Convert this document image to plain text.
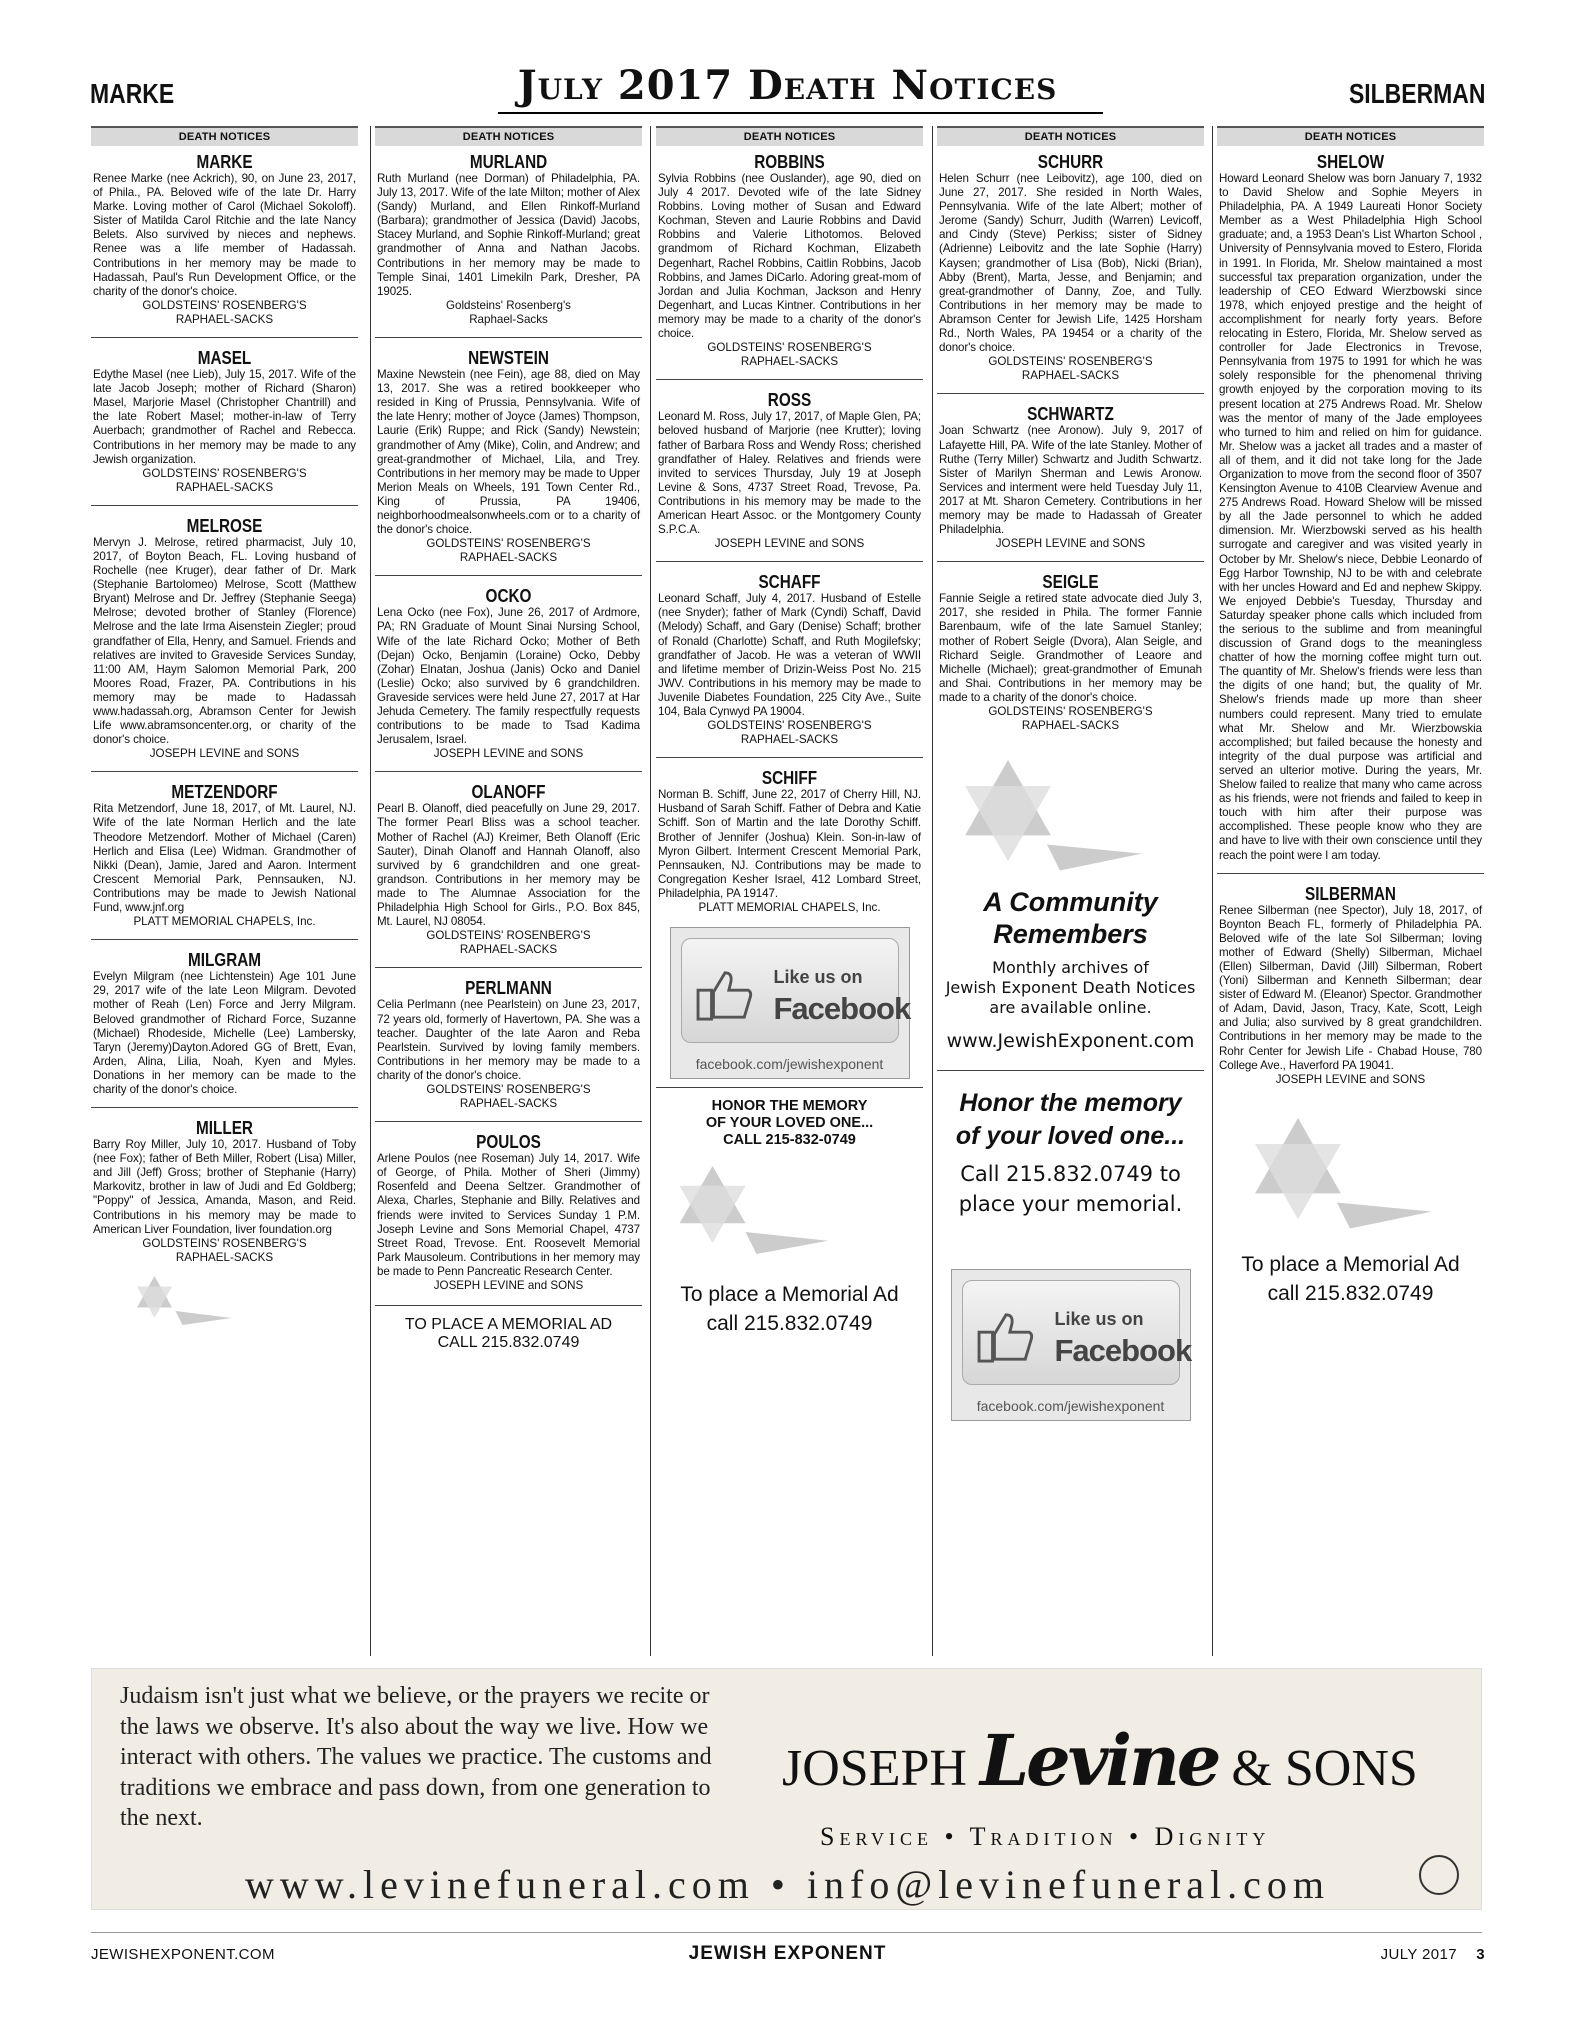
MARKE	July 2017 Death Notices	SILBERMAN
DEATH NOTICES
MARKE
Renee Marke (nee Ackrich), 90, on June 23, 2017, of Phila., PA. Beloved wife of the late Dr. Harry Marke. Loving mother of Carol (Michael Sokoloff). Sister of Matilda Carol Ritchie and the late Nancy Belets. Also survived by nieces and nephews. Renee was a life member of Hadassah. Contributions in her memory may be made to Hadassah, Paul's Run Development Office, or the charity of the donor's choice.
GOLDSTEINS' ROSENBERG'S
RAPHAEL-SACKS
MASEL
Edythe Masel (nee Lieb), July 15, 2017. Wife of the late Jacob Joseph; mother of Richard (Sharon) Masel, Marjorie Masel (Christopher Chantrill) and the late Robert Masel; mother-in-law of Terry Auerbach; grandmother of Rachel and Rebecca. Contributions in her memory may be made to any Jewish organization.
GOLDSTEINS' ROSENBERG'S
RAPHAEL-SACKS
MELROSE
Mervyn J. Melrose, retired pharmacist, July 10, 2017, of Boyton Beach, FL. Loving husband of Rochelle (nee Kruger), dear father of Dr. Mark (Stephanie Bartolomeo) Melrose, Scott (Matthew Bryant) Melrose and Dr. Jeffrey (Stephanie Seega) Melrose; devoted brother of Stanley (Florence) Melrose and the late Irma Aisenstein Ziegler; proud grandfather of Ella, Henry, and Samuel. Friends and relatives are invited to Graveside Services Sunday, 11:00 AM, Haym Salomon Memorial Park, 200 Moores Road, Frazer, PA. Contributions in his memory may be made to Hadassah www.hadassah.org, Abramson Center for Jewish Life www.abramsoncenter.org, or charity of the donor's choice.
JOSEPH LEVINE and SONS
METZENDORF
Rita Metzendorf, June 18, 2017, of Mt. Laurel, NJ. Wife of the late Norman Herlich and the late Theodore Metzendorf. Mother of Michael (Caren) Herlich and Elisa (Lee) Widman. Grandmother of Nikki (Dean), Jamie, Jared and Aaron. Interment Crescent Memorial Park, Pennsauken, NJ. Contributions may be made to Jewish National Fund, www.jnf.org
PLATT MEMORIAL CHAPELS, Inc.
MILGRAM
Evelyn Milgram (nee Lichtenstein) Age 101 June 29, 2017 wife of the late Leon Milgram. Devoted mother of Reah (Len) Force and Jerry Milgram. Beloved grandmother of Richard Force, Suzanne (Michael) Rhodeside, Michelle (Lee) Lambersky, Taryn (Jeremy)Dayton.Adored GG of Brett, Evan, Arden, Alina, Lilia, Noah, Kyen and Myles. Donations in her memory can be made to the charity of the donor's choice.
MILLER
Barry Roy Miller, July 10, 2017. Husband of Toby (nee Fox); father of Beth Miller, Robert (Lisa) Miller, and Jill (Jeff) Gross; brother of Stephanie (Harry) Markovitz, brother in law of Judi and Ed Goldberg; "Poppy" of Jessica, Amanda, Mason, and Reid. Contributions in his memory may be made to American Liver Foundation, liver foundation.org
GOLDSTEINS' ROSENBERG'S
RAPHAEL-SACKS
DEATH NOTICES
MURLAND
Ruth Murland (nee Dorman) of Philadelphia, PA. July 13, 2017. Wife of the late Milton; mother of Alex (Sandy) Murland, and Ellen Rinkoff-Murland (Barbara); grandmother of Jessica (David) Jacobs, Stacey Murland, and Sophie Rinkoff-Murland; great grandmother of Anna and Nathan Jacobs. Contributions in her memory may be made to Temple Sinai, 1401 Limekiln Park, Dresher, PA 19025.
Goldsteins' Rosenberg's
Raphael-Sacks
NEWSTEIN
Maxine Newstein (nee Fein), age 88, died on May 13, 2017. She was a retired bookkeeper who resided in King of Prussia, Pennsylvania. Wife of the late Henry; mother of Joyce (James) Thompson, Laurie (Erik) Ruppe; and Rick (Sandy) Newstein; grandmother of Amy (Mike), Colin, and Andrew; and great-grandmother of Michael, Lila, and Trey. Contributions in her memory may be made to Upper Merion Meals on Wheels, 191 Town Center Rd., King of Prussia, PA 19406, neighborhoodmealsonwheels.com or to a charity of the donor's choice.
GOLDSTEINS' ROSENBERG'S
RAPHAEL-SACKS
OCKO
Lena Ocko (nee Fox), June 26, 2017 of Ardmore, PA; RN Graduate of Mount Sinai Nursing School, Wife of the late Richard Ocko; Mother of Beth (Dejan) Ocko, Benjamin (Loraine) Ocko, Debby (Zohar) Elnatan, Joshua (Janis) Ocko and Daniel (Leslie) Ocko; also survived by 6 grandchildren. Graveside services were held June 27, 2017 at Har Jehuda Cemetery. The family respectfully requests contributions to be made to Tsad Kadima Jerusalem, Israel.
JOSEPH LEVINE and SONS
OLANOFF
Pearl B. Olanoff, died peacefully on June 29, 2017. The former Pearl Bliss was a school teacher. Mother of Rachel (AJ) Kreimer, Beth Olanoff (Eric Sauter), Dinah Olanoff and Hannah Olanoff, also survived by 6 grandchildren and one great-grandson. Contributions in her memory may be made to The Alumnae Association for the Philadelphia High School for Girls., P.O. Box 845, Mt. Laurel, NJ 08054.
GOLDSTEINS' ROSENBERG'S
RAPHAEL-SACKS
PERLMANN
Celia Perlmann (nee Pearlstein) on June 23, 2017, 72 years old, formerly of Havertown, PA. She was a teacher. Daughter of the late Aaron and Reba Pearlstein. Survived by loving family members. Contributions in her memory may be made to a charity of the donor's choice.
GOLDSTEINS' ROSENBERG'S
RAPHAEL-SACKS
POULOS
Arlene Poulos (nee Roseman) July 14, 2017. Wife of George, of Phila. Mother of Sheri (Jimmy) Rosenfeld and Deena Seltzer. Grandmother of Alexa, Charles, Stephanie and Billy. Relatives and friends were invited to Services Sunday 1 P.M. Joseph Levine and Sons Memorial Chapel, 4737 Street Road, Trevose. Ent. Roosevelt Memorial Park Mausoleum. Contributions in her memory may be made to Penn Pancreatic Research Center.
JOSEPH LEVINE and SONS
TO PLACE A MEMORIAL AD
CALL 215.832.0749
DEATH NOTICES
ROBBINS
Sylvia Robbins (nee Ouslander), age 90, died on July 4 2017. Devoted wife of the late Sidney Robbins. Loving mother of Susan and Edward Kochman, Steven and Laurie Robbins and David Robbins and Valerie Lithotomos. Beloved grandmom of Richard Kochman, Elizabeth Degenhart, Rachel Robbins, Caitlin Robbins, Jacob Robbins, and James DiCarlo. Adoring great-mom of Jordan and Julia Kochman, Jackson and Henry Degenhart, and Lucas Kintner. Contributions in her memory may be made to a charity of the donor's choice.
GOLDSTEINS' ROSENBERG'S
RAPHAEL-SACKS
ROSS
Leonard M. Ross, July 17, 2017, of Maple Glen, PA; beloved husband of Marjorie (nee Krutter); loving father of Barbara Ross and Wendy Ross; cherished grandfather of Haley. Relatives and friends were invited to services Thursday, July 19 at Joseph Levine & Sons, 4737 Street Road, Trevose, Pa. Contributions in his memory may be made to the American Heart Assoc. or the Montgomery County S.P.C.A.
JOSEPH LEVINE and SONS
SCHAFF
Leonard Schaff, July 4, 2017. Husband of Estelle (nee Snyder); father of Mark (Cyndi) Schaff, David (Melody) Schaff, and Gary (Denise) Schaff; brother of Ronald (Charlotte) Schaff, and Ruth Mogilefsky; grandfather of Jacob. He was a veteran of WWII and lifetime member of Drizin-Weiss Post No. 215 JWV. Contributions in his memory may be made to Juvenile Diabetes Foundation, 225 City Ave., Suite 104, Bala Cynwyd PA 19004.
GOLDSTEINS' ROSENBERG'S
RAPHAEL-SACKS
SCHIFF
Norman B. Schiff, June 22, 2017 of Cherry Hill, NJ. Husband of Sarah Schiff. Father of Debra and Katie Schiff. Son of Martin and the late Dorothy Schiff. Brother of Jennifer (Joshua) Klein. Son-in-law of Myron Gilbert. Interment Crescent Memorial Park, Pennsauken, NJ. Contributions may be made to Congregation Kesher Israel, 412 Lombard Street, Philadelphia, PA 19147.
PLATT MEMORIAL CHAPELS, Inc.
Like us on
Facebook
facebook.com/jewishexponent
HONOR THE MEMORY
OF YOUR LOVED ONE...
CALL 215-832-0749
To place a Memorial Ad
call 215.832.0749
DEATH NOTICES
SCHURR
Helen Schurr (nee Leibovitz), age 100, died on June 27, 2017. She resided in North Wales, Pennsylvania. Wife of the late Albert; mother of Jerome (Sandy) Schurr, Judith (Warren) Levicoff, and Cindy (Steve) Perkiss; sister of Sidney (Adrienne) Leibovitz and the late Sophie (Harry) Kaysen; grandmother of Lisa (Bob), Nicki (Brian), Abby (Brent), Marta, Jesse, and Benjamin; and great-grandmother of Danny, Zoe, and Tully. Contributions in her memory may be made to Abramson Center for Jewish Life, 1425 Horsham Rd., North Wales, PA 19454 or a charity of the donor's choice.
GOLDSTEINS' ROSENBERG'S
RAPHAEL-SACKS
SCHWARTZ
Joan Schwartz (nee Aronow). July 9, 2017 of Lafayette Hill, PA. Wife of the late Stanley. Mother of Ruthe (Terry Miller) Schwartz and Judith Schwartz. Sister of Marilyn Sherman and Lewis Aronow. Services and interment were held Tuesday July 11, 2017 at Mt. Sharon Cemetery. Contributions in her memory may be made to Hadassah of Greater Philadelphia.
JOSEPH LEVINE and SONS
SEIGLE
Fannie Seigle a retired state advocate died July 3, 2017, she resided in Phila. The former Fannie Barenbaum, wife of the late Samuel Stanley; mother of Robert Seigle (Dvora), Alan Seigle, and Richard Seigle. Grandmother of Leaore and Michelle (Michael); great-grandmother of Emunah and Shai. Contributions in her memory may be made to a charity of the donor's choice.
GOLDSTEINS' ROSENBERG'S
RAPHAEL-SACKS
A Community
Remembers
Monthly archives of
Jewish Exponent Death Notices
are available online.
www.JewishExponent.com
Honor the memory
of your loved one...
Call 215.832.0749 to
place your memorial.
Like us on
Facebook
facebook.com/jewishexponent
DEATH NOTICES
SHELOW
Howard Leonard Shelow was born January 7, 1932 to David Shelow and Sophie Meyers in Philadelphia, PA. A 1949 Laureati Honor Society Member as a West Philadelphia High School graduate; and, a 1953 Dean's List Wharton School , University of Pennsylvania moved to Estero, Florida in 1991. In Florida, Mr. Shelow maintained a most successful tax preparation organization, under the leadership of CEO Edward Wierzbowski since 1978, which enjoyed prestige and the height of accomplishment for nearly forty years. Before relocating in Estero, Florida, Mr. Shelow served as controller for Jade Electronics in Trevose, Pennsylvania from 1975 to 1991 for which he was solely responsible for the phenomenal thriving growth enjoyed by the corporation moving to its present location at 275 Andrews Road. Mr. Shelow was the mentor of many of the Jade employees who turned to him and relied on him for guidance. Mr. Shelow was a jacket all trades and a master of all of them, and it did not take long for the Jade Organization to move from the second floor of 3507 Kensington Avenue to 410B Clearview Avenue and 275 Andrews Road. Howard Shelow will be missed by all the Jade personnel to which he added dimension. Mr. Wierzbowski served as his health surrogate and caregiver and was visited yearly in October by Mr. Shelow's niece, Debbie Leonardo of Egg Harbor Township, NJ to be with and celebrate with her uncles Howard and Ed and nephew Skippy. We enjoyed Debbie's Tuesday, Thursday and Saturday speaker phone calls which included from the serious to the sublime and from meaningful discussion of Grand dogs to the meaningless chatter of how the morning coffee might turn out. The quantity of Mr. Shelow's friends were less than the digits of one hand; but, the quality of Mr. Shelow's friends made up more than sheer numbers could represent. Many tried to emulate what Mr. Shelow and Mr. Wierzbowskia accomplished; but failed because the honesty and integrity of the dual purpose was artificial and served an ulterior motive. During the years, Mr. Shelow failed to realize that many who came across as his friends, were not friends and failed to keep in touch with him after their purpose was accomplished. These people know who they are and have to live with their own conscience until they reach the point were I am today.
SILBERMAN
Renee Silberman (nee Spector), July 18, 2017, of Boynton Beach FL, formerly of Philadelphia PA. Beloved wife of the late Sol Silberman; loving mother of Edward (Shelly) Silberman, Michael (Ellen) Silberman, David (Jill) Silberman, Robert (Yoni) Silberman and Kenneth Silberman; dear sister of Edward M. (Eleanor) Spector. Grandmother of Adam, David, Jason, Tracy, Kate, Scott, Leigh and Julia; also survived by 8 great grandchildren. Contributions in her memory may be made to the Rohr Center for Jewish Life - Chabad House, 780 College Ave., Haverford PA 19041.
JOSEPH LEVINE and SONS
To place a Memorial Ad
call 215.832.0749
Judaism isn't just what we believe, or the prayers we recite or the laws we observe. It's also about the way we live. How we interact with others. The values we practice. The customs and traditions we embrace and pass down, from one generation to the next.
JOSEPH Levine & SONS
Service • Tradition • Dignity
www.levinefuneral.com • info@levinefuneral.com
JEWISHEXPONENT.COM	JEWISH EXPONENT	JULY 2017 3
